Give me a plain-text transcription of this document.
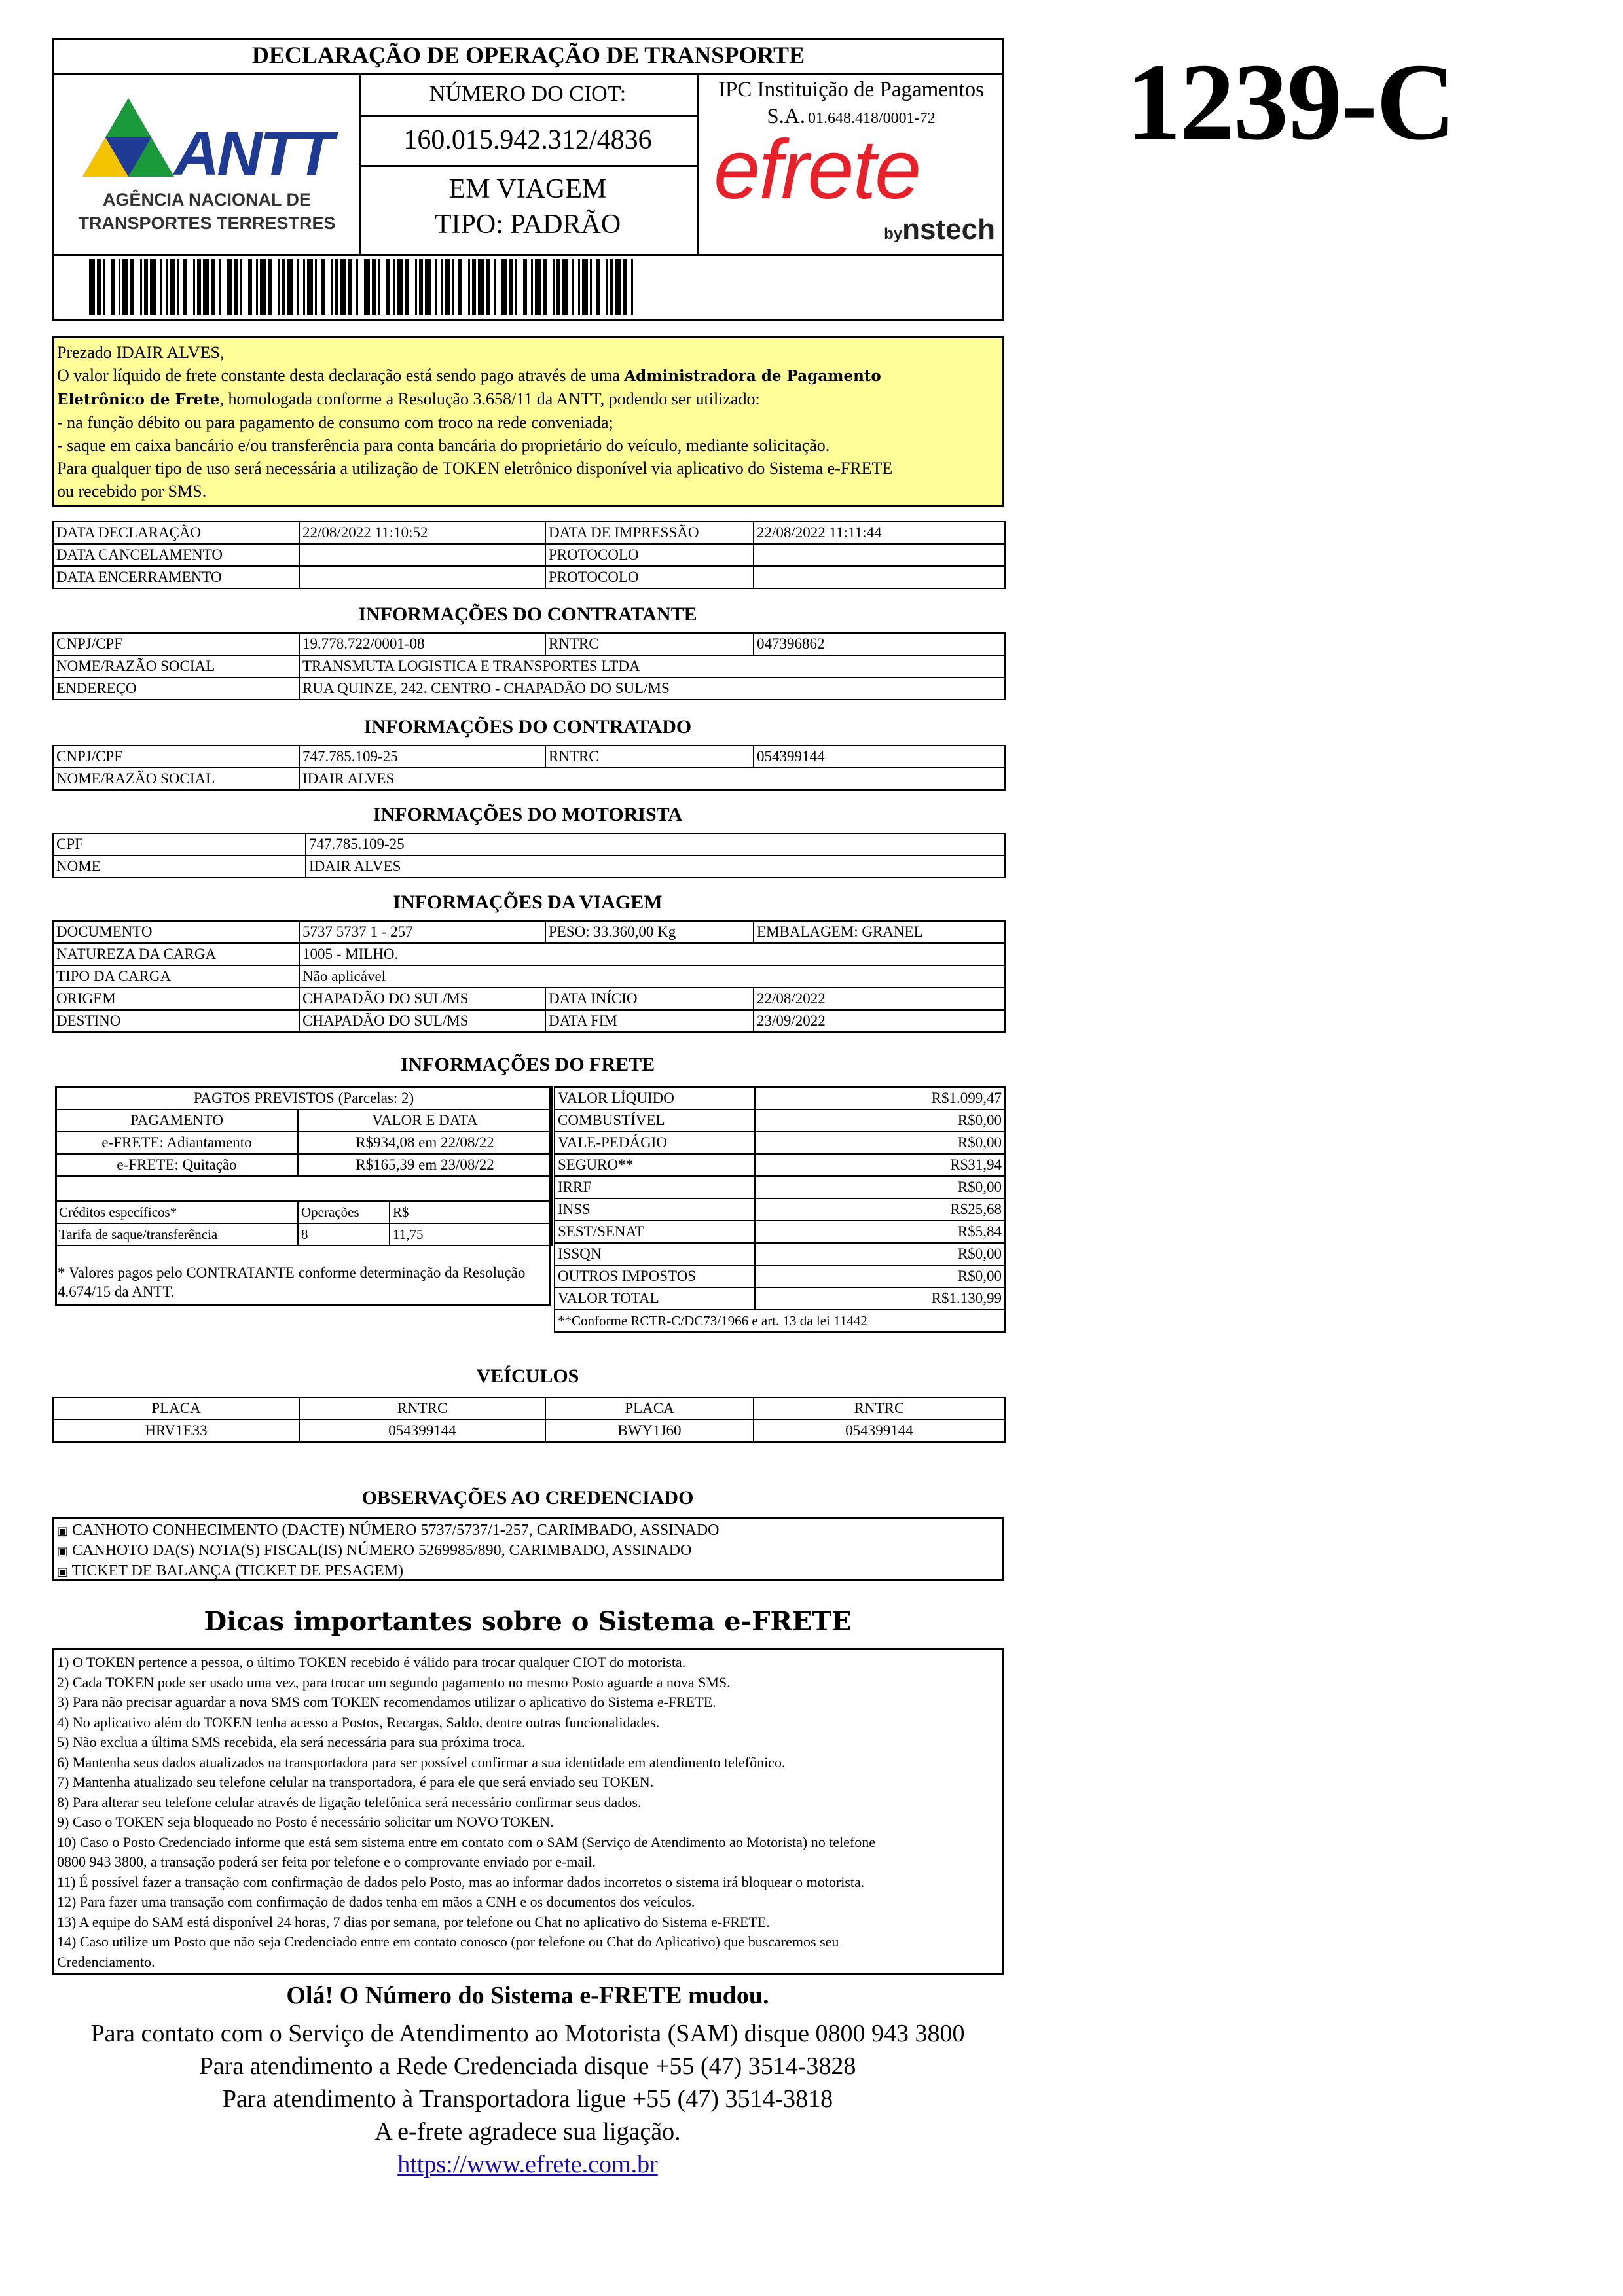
DECLARAÇÃO DE OPERAÇÃO DE TRANSPORTE
ANTT
AGÊNCIA NACIONAL DE
TRANSPORTES TERRESTRES
NÚMERO DO CIOT:
160.015.942.312/4836
EM VIAGEM
TIPO: PADRÃO
IPC Instituição de Pagamentos
S.A. 01.648.418/0001-72
efrete
bynstech
1239-C
Prezado IDAIR ALVES,
O valor líquido de frete constante desta declaração está sendo pago através de uma Administradora de Pagamento
Eletrônico de Frete, homologada conforme a Resolução 3.658/11 da ANTT, podendo ser utilizado:
- na função débito ou para pagamento de consumo com troco na rede conveniada;
- saque em caixa bancário e/ou transferência para conta bancária do proprietário do veículo, mediante solicitação.
Para qualquer tipo de uso será necessária a utilização de TOKEN eletrônico disponível via aplicativo do Sistema e-FRETE
ou recebido por SMS.
DATA DECLARAÇÃO	22/08/2022 11:10:52	DATA DE IMPRESSÃO	22/08/2022 11:11:44
DATA CANCELAMENTO		PROTOCOLO	
DATA ENCERRAMENTO		PROTOCOLO	
INFORMAÇÕES DO CONTRATANTE
CNPJ/CPF	19.778.722/0001-08	RNTRC	047396862
NOME/RAZÃO SOCIAL	TRANSMUTA LOGISTICA E TRANSPORTES LTDA		
ENDEREÇO	RUA QUINZE, 242. CENTRO - CHAPADÃO DO SUL/MS		
INFORMAÇÕES DO CONTRATADO
CNPJ/CPF	747.785.109-25	RNTRC	054399144
NOME/RAZÃO SOCIAL	IDAIR ALVES		
INFORMAÇÕES DO MOTORISTA
CPF	747.785.109-25
NOME	IDAIR ALVES
INFORMAÇÕES DA VIAGEM
DOCUMENTO	5737 5737 1 - 257	PESO: 33.360,00 Kg	EMBALAGEM: GRANEL
NATUREZA DA CARGA	1005 - MILHO.		
TIPO DA CARGA	Não aplicável		
ORIGEM	CHAPADÃO DO SUL/MS	DATA INÍCIO	22/08/2022
DESTINO	CHAPADÃO DO SUL/MS	DATA FIM	23/09/2022
INFORMAÇÕES DO FRETE
PAGTOS PREVISTOS (Parcelas: 2)		
PAGAMENTO	VALOR E DATA	
e-FRETE: Adiantamento	R$934,08 em 22/08/22	
e-FRETE: Quitação	R$165,39 em 23/08/22	

Créditos específicos*	Operações	R$
Tarifa de saque/transferência	8	11,75
* Valores pagos pelo CONTRATANTE conforme determinação da Resolução 4.674/15 da ANTT.
VALOR LÍQUIDO	R$1.099,47
COMBUSTÍVEL	R$0,00
VALE-PEDÁGIO	R$0,00
SEGURO**	R$31,94
IRRF	R$0,00
INSS	R$25,68
SEST/SENAT	R$5,84
ISSQN	R$0,00
OUTROS IMPOSTOS	R$0,00
VALOR TOTAL	R$1.130,99
**Conforme RCTR-C/DC73/1966 e art. 13 da lei 11442	
VEÍCULOS
PLACA	RNTRC	PLACA	RNTRC
HRV1E33	054399144	BWY1J60	054399144
OBSERVAÇÕES AO CREDENCIADO
▣ CANHOTO CONHECIMENTO (DACTE) NÚMERO 5737/5737/1-257, CARIMBADO, ASSINADO
▣ CANHOTO DA(S) NOTA(S) FISCAL(IS) NÚMERO 5269985/890, CARIMBADO, ASSINADO
▣ TICKET DE BALANÇA (TICKET DE PESAGEM)
Dicas importantes sobre o Sistema e-FRETE
1) O TOKEN pertence a pessoa, o último TOKEN recebido é válido para trocar qualquer CIOT do motorista.
2) Cada TOKEN pode ser usado uma vez, para trocar um segundo pagamento no mesmo Posto aguarde a nova SMS.
3) Para não precisar aguardar a nova SMS com TOKEN recomendamos utilizar o aplicativo do Sistema e-FRETE.
4) No aplicativo além do TOKEN tenha acesso a Postos, Recargas, Saldo, dentre outras funcionalidades.
5) Não exclua a última SMS recebida, ela será necessária para sua próxima troca.
6) Mantenha seus dados atualizados na transportadora para ser possível confirmar a sua identidade em atendimento telefônico.
7) Mantenha atualizado seu telefone celular na transportadora, é para ele que será enviado seu TOKEN.
8) Para alterar seu telefone celular através de ligação telefônica será necessário confirmar seus dados.
9) Caso o TOKEN seja bloqueado no Posto é necessário solicitar um NOVO TOKEN.
10) Caso o Posto Credenciado informe que está sem sistema entre em contato com o SAM (Serviço de Atendimento ao Motorista) no telefone
0800 943 3800, a transação poderá ser feita por telefone e o comprovante enviado por e-mail.
11) É possível fazer a transação com confirmação de dados pelo Posto, mas ao informar dados incorretos o sistema irá bloquear o motorista.
12) Para fazer uma transação com confirmação de dados tenha em mãos a CNH e os documentos dos veículos.
13) A equipe do SAM está disponível 24 horas, 7 dias por semana, por telefone ou Chat no aplicativo do Sistema e-FRETE.
14) Caso utilize um Posto que não seja Credenciado entre em contato conosco (por telefone ou Chat do Aplicativo) que buscaremos seu
Credenciamento.
Olá! O Número do Sistema e-FRETE mudou.
Para contato com o Serviço de Atendimento ao Motorista (SAM) disque 0800 943 3800
Para atendimento a Rede Credenciada disque +55 (47) 3514-3828
Para atendimento à Transportadora ligue +55 (47) 3514-3818
A e-frete agradece sua ligação.
https://www.efrete.com.br
